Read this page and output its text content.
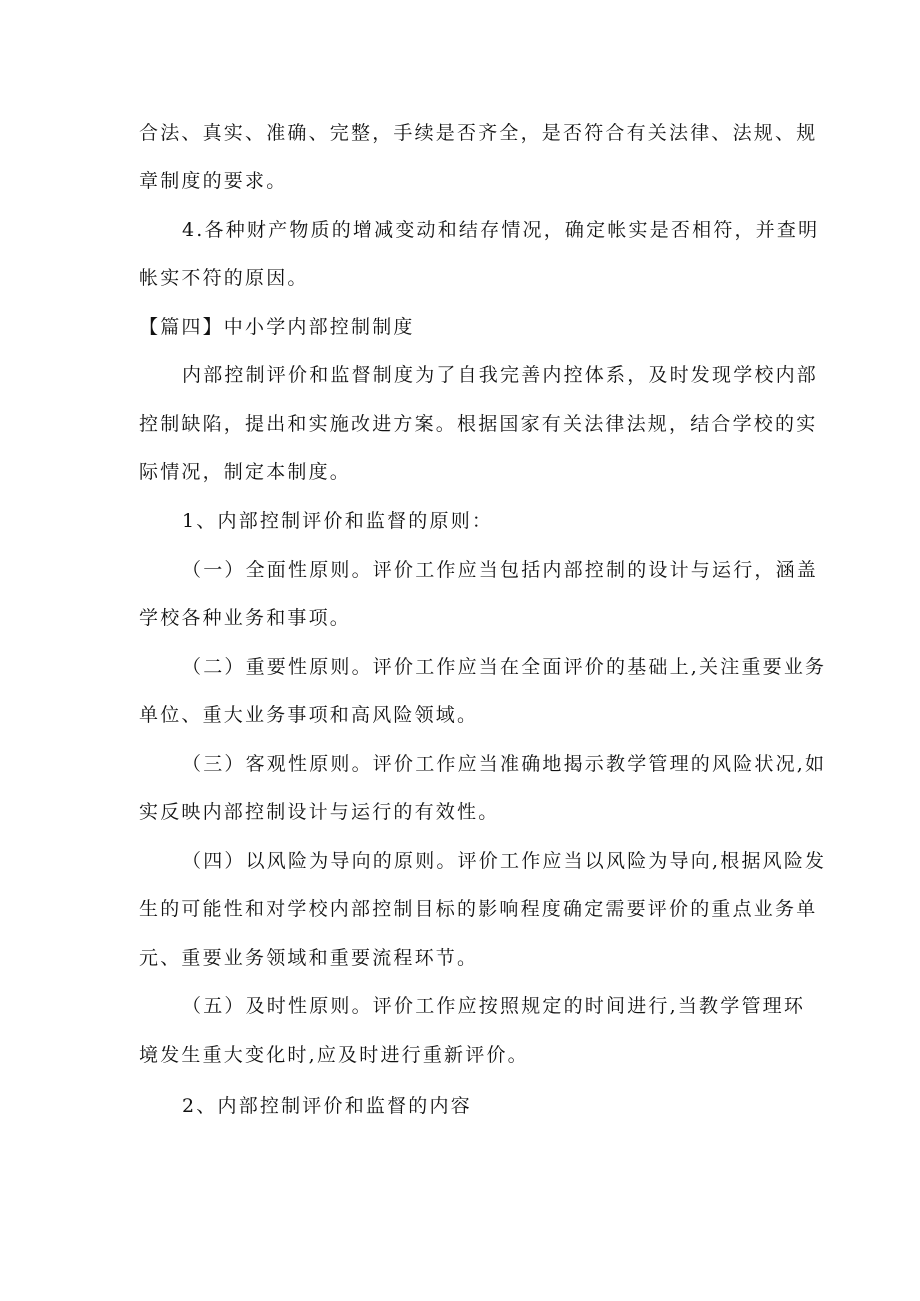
合法、真实、准确、完整，手续是否齐全，是否符合有关法律、法规、规
章制度的要求。
4.各种财产物质的增减变动和结存情况，确定帐实是否相符，并查明
帐实不符的原因。
【篇四】中小学内部控制制度
内部控制评价和监督制度为了自我完善内控体系，及时发现学校内部
控制缺陷，提出和实施改进方案。根据国家有关法律法规，结合学校的实
际情况，制定本制度。
1、内部控制评价和监督的原则：
（一）全面性原则。评价工作应当包括内部控制的设计与运行，涵盖
学校各种业务和事项。
（二）重要性原则。评价工作应当在全面评价的基础上,关注重要业务
单位、重大业务事项和高风险领域。
（三）客观性原则。评价工作应当准确地揭示教学管理的风险状况,如
实反映内部控制设计与运行的有效性。
（四）以风险为导向的原则。评价工作应当以风险为导向,根据风险发
生的可能性和对学校内部控制目标的影响程度确定需要评价的重点业务单
元、重要业务领域和重要流程环节。
（五）及时性原则。评价工作应按照规定的时间进行,当教学管理环
境发生重大变化时,应及时进行重新评价。
2、内部控制评价和监督的内容
